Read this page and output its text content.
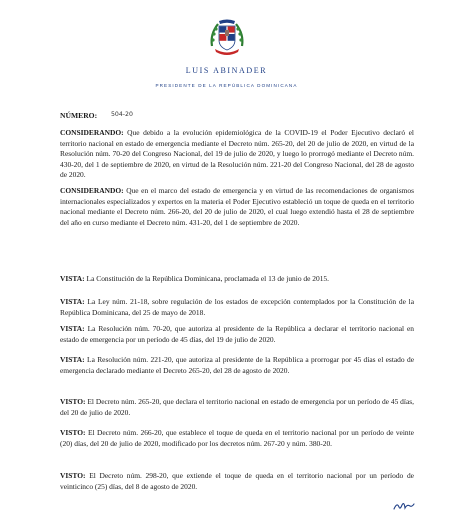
LUIS ABINADER
PRESIDENTE DE LA REPÚBLICA DOMINICANA
NÚMERO: 504-20

CONSIDERANDO: Que debido a la evolución epidemiológica de la COVID-19 el Poder Ejecutivo declaró el territorio nacional en estado de emergencia mediante el Decreto núm. 265-20, del 20 de julio de 2020, en virtud de la Resolución núm. 70-20 del Congreso Nacional, del 19 de julio de 2020, y luego lo prorrogó mediante el Decreto núm. 430-20, del 1 de septiembre de 2020, en virtud de la Resolución núm. 221-20 del Congreso Nacional, del 28 de agosto de 2020.

CONSIDERANDO: Que en el marco del estado de emergencia y en virtud de las recomendaciones de organismos internacionales especializados y expertos en la materia el Poder Ejecutivo estableció un toque de queda en el territorio nacional mediante el Decreto núm. 266-20, del 20 de julio de 2020, el cual luego extendió hasta el 28 de septiembre del año en curso mediante el Decreto núm. 431-20, del 1 de septiembre de 2020.

VISTA: La Constitución de la República Dominicana, proclamada el 13 de junio de 2015.

VISTA: La Ley núm. 21-18, sobre regulación de los estados de excepción contemplados por la Constitución de la República Dominicana, del 25 de mayo de 2018.

VISTA: La Resolución núm. 70-20, que autoriza al presidente de la República a declarar el territorio nacional en estado de emergencia por un período de 45 días, del 19 de julio de 2020.

VISTA: La Resolución núm. 221-20, que autoriza al presidente de la República a prorrogar por 45 días el estado de emergencia declarado mediante el Decreto 265-20, del 28 de agosto de 2020.

VISTO: El Decreto núm. 265-20, que declara el territorio nacional en estado de emergencia por un período de 45 días, del 20 de julio de 2020.

VISTO: El Decreto núm. 266-20, que establece el toque de queda en el territorio nacional por un período de veinte (20) días, del 20 de julio de 2020, modificado por los decretos núm. 267-20 y núm. 380-20.

VISTO: El Decreto núm. 298-20, que extiende el toque de queda en el territorio nacional por un período de veinticinco (25) días, del 8 de agosto de 2020.
